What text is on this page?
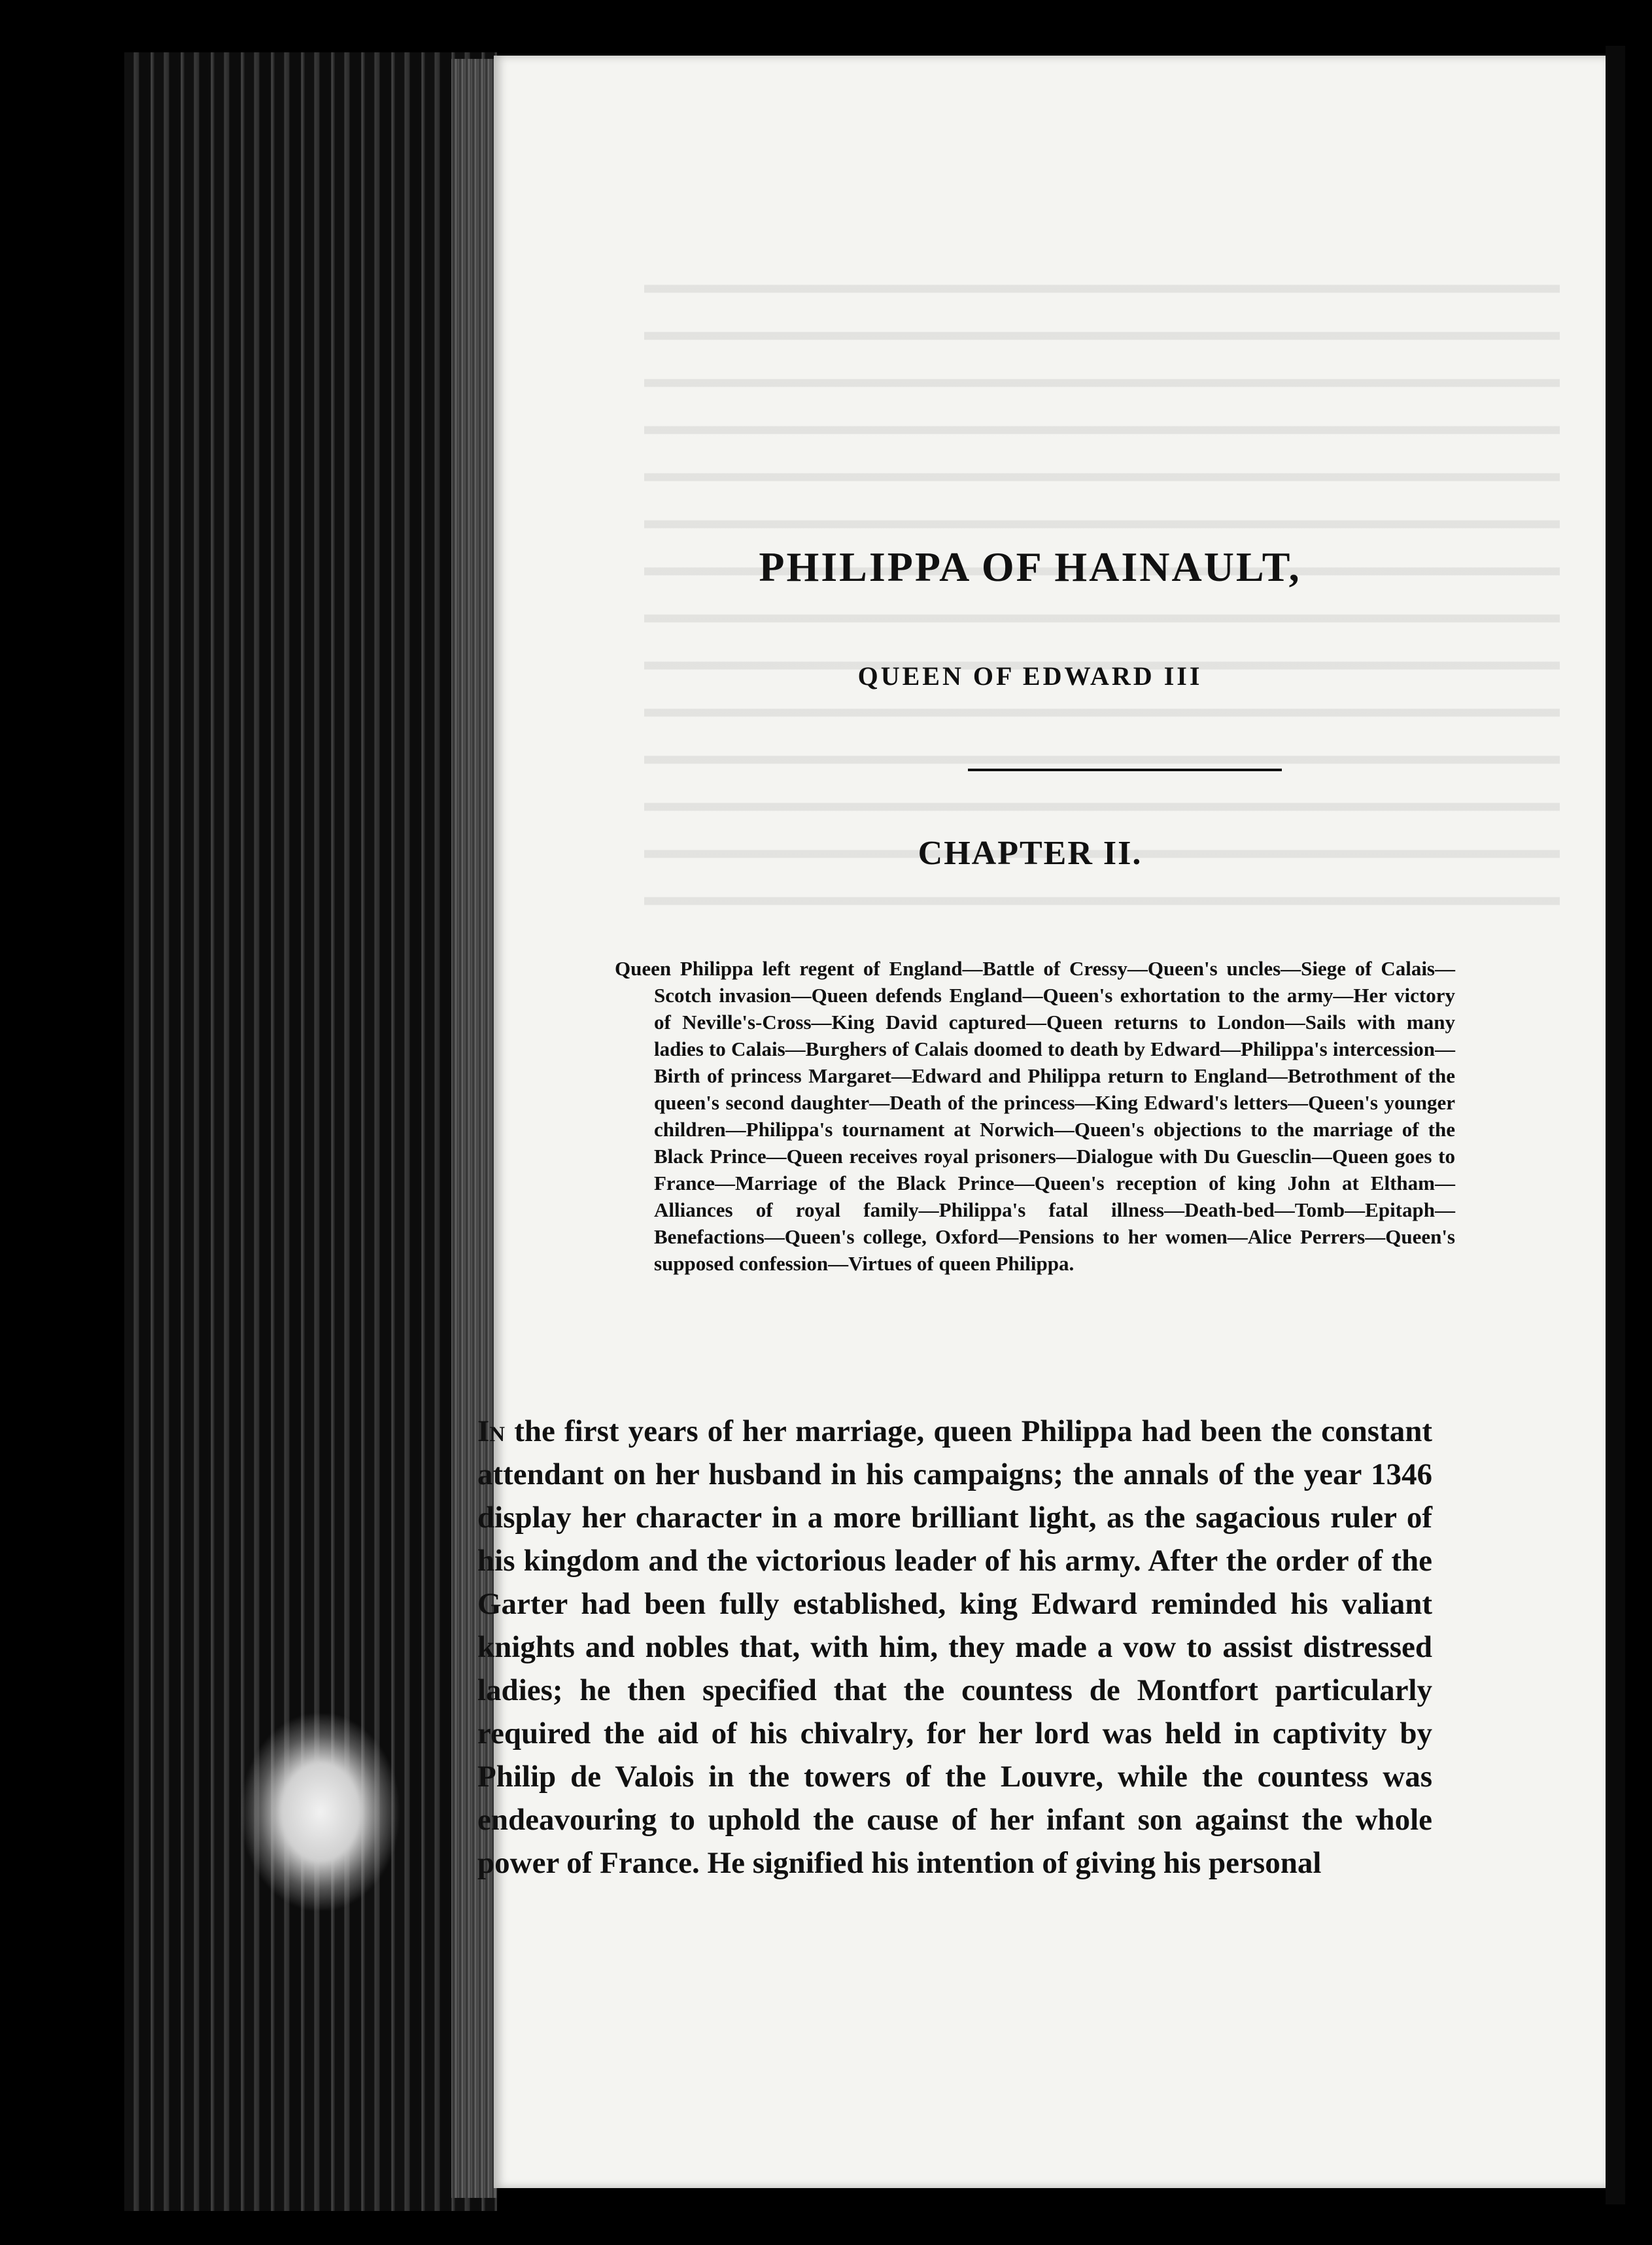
PHILIPPA OF HAINAULT,
QUEEN OF EDWARD III
CHAPTER II.

Queen Philippa left regent of England—Battle of Cressy—Queen's uncles—Siege of Calais—Scotch invasion—Queen defends England—Queen's exhortation to the army—Her victory of Neville's-Cross—King David captured—Queen returns to London—Sails with many ladies to Calais—Burghers of Calais doomed to death by Edward—Philippa's intercession—Birth of princess Margaret—Edward and Philippa return to England—Betrothment of the queen's second daughter—Death of the princess—King Edward's letters—Queen's younger children—Philippa's tournament at Norwich—Queen's objections to the marriage of the Black Prince—Queen receives royal prisoners—Dialogue with Du Guesclin—Queen goes to France—Marriage of the Black Prince—Queen's reception of king John at Eltham—Alliances of royal family—Philippa's fatal illness—Death-bed—Tomb—Epitaph—Benefactions—Queen's college, Oxford—Pensions to her women—Alice Perrers—Queen's supposed confession—Virtues of queen Philippa.

In the first years of her marriage, queen Philippa had been the constant attendant on her husband in his campaigns; the annals of the year 1346 display her character in a more brilliant light, as the sagacious ruler of his kingdom and the victorious leader of his army. After the order of the Garter had been fully established, king Edward reminded his valiant knights and nobles that, with him, they made a vow to assist distressed ladies; he then specified that the countess de Montfort particularly required the aid of his chivalry, for her lord was held in captivity by Philip de Valois in the towers of the Louvre, while the countess was endeavouring to uphold the cause of her infant son against the whole power of France. He signified his intention of giving his personal
